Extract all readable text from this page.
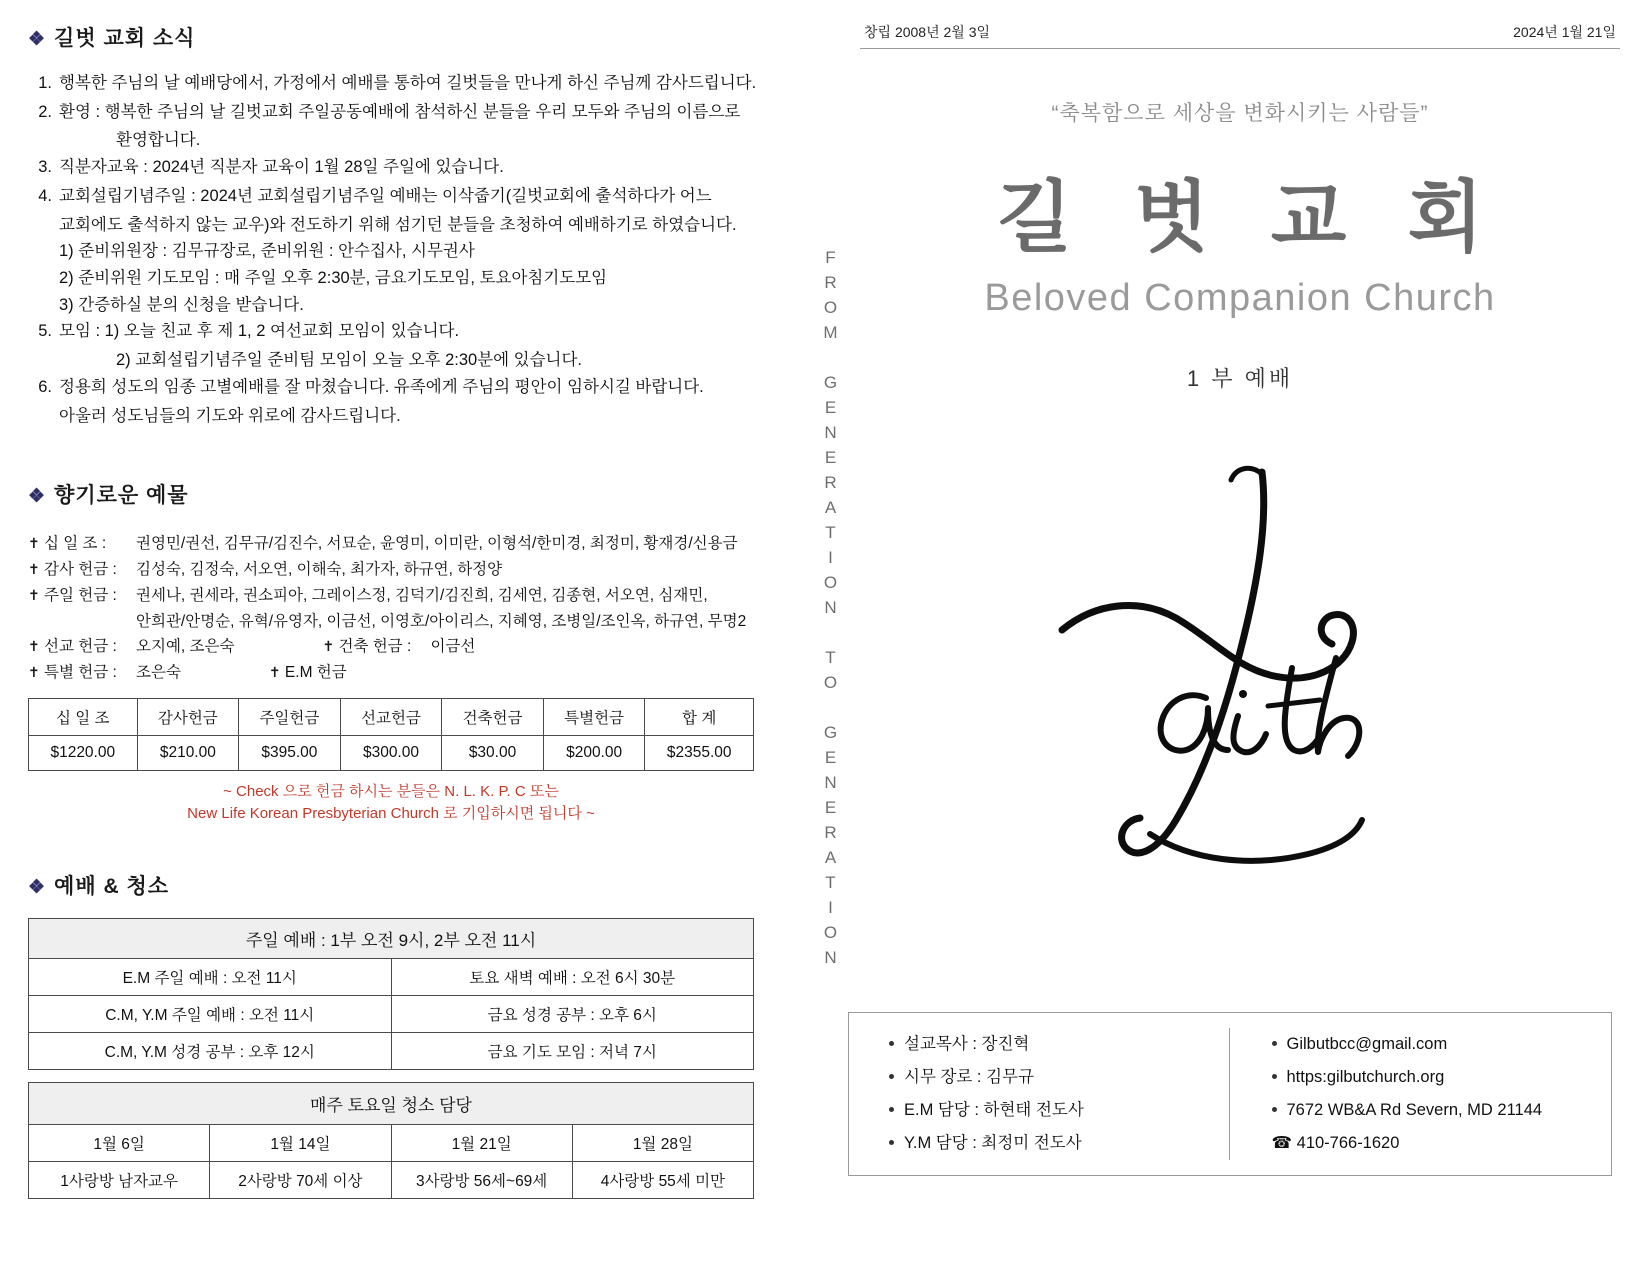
❖ 길벗 교회 소식
1. 행복한 주님의 날 예배당에서, 가정에서 예배를 통하여 길벗들을 만나게 하신 주님께 감사드립니다.
2. 환영 : 행복한 주님의 날 길벗교회 주일공동예배에 참석하신 분들을 우리 모두와 주님의 이름으로
환영합니다.
3. 직분자교육 : 2024년 직분자 교육이 1월 28일 주일에 있습니다.
4. 교회설립기념주일 : 2024년 교회설립기념주일 예배는 이삭줍기(길벗교회에 출석하다가 어느
교회에도 출석하지 않는 교우)와 전도하기 위해 섬기던 분들을 초청하여 예배하기로 하였습니다.
1) 준비위원장 : 김무규장로, 준비위원 : 안수집사, 시무권사
2) 준비위원 기도모임 : 매 주일 오후 2:30분, 금요기도모임, 토요아침기도모임
3) 간증하실 분의 신청을 받습니다.
5. 모임 : 1) 오늘 친교 후 제 1, 2 여선교회 모임이 있습니다.
2) 교회설립기념주일 준비팀 모임이 오늘 오후 2:30분에 있습니다.
6. 정용희 성도의 임종 고별예배를 잘 마쳤습니다. 유족에게 주님의 평안이 임하시길 바랍니다.
아울러 성도님들의 기도와 위로에 감사드립니다.
❖ 향기로운 예물
✝ 십 일 조 :	권영민/권선, 김무규/김진수, 서묘순, 윤영미, 이미란, 이형석/한미경, 최정미, 황재경/신용금
✝ 감사 헌금 :	김성숙, 김정숙, 서오연, 이해숙, 최가자, 하규연, 하정양
✝ 주일 헌금 :	권세나, 권세라, 권소피아, 그레이스정, 김덕기/김진희, 김세연, 김종현, 서오연, 심재민,
안희관/안명순, 유혁/유영자, 이금선, 이영호/아이리스, 지혜영, 조병일/조인옥, 하규연, 무명2
✝ 선교 헌금 :	오지예, 조은숙	✝ 건축 헌금 :	이금선
✝ 특별 헌금 :	조은숙	✝ E.M 헌금
십 일 조	감사헌금	주일헌금	선교헌금	건축헌금	특별헌금	합 계
$1220.00	$210.00	$395.00	$300.00	$30.00	$200.00	$2355.00
~ Check 으로 헌금 하시는 분들은 N. L. K. P. C 또는
New Life Korean Presbyterian Church 로 기입하시면 됩니다 ~
❖ 예배 & 청소
주일 예배 : 1부 오전 9시, 2부 오전 11시	
E.M 주일 예배 : 오전 11시	토요 새벽 예배 : 오전 6시 30분
C.M, Y.M 주일 예배 : 오전 11시	금요 성경 공부 : 오후 6시
C.M, Y.M 성경 공부 : 오후 12시	금요 기도 모임 : 저녁 7시
매주 토요일 청소 담당			
1월 6일	1월 14일	1월 21일	1월 28일
1사랑방 남자교우	2사랑방 70세 이상	3사랑방 56세~69세	4사랑방 55세 미만
FROM GENERATION TO GENERATION
창립 2008년 2월 3일	2024년 1월 21일
“축복함으로 세상을 변화시키는 사람들”
길 벗 교 회
Beloved Companion Church
1 부 예배
설교목사 : 장진혁
시무 장로 : 김무규
E.M 담당 : 하현태 전도사
Y.M 담당 : 최정미 전도사
Gilbutbcc@gmail.com
https:gilbutchurch.org
7672 WB&A Rd Severn, MD 21144
☎ 410-766-1620
